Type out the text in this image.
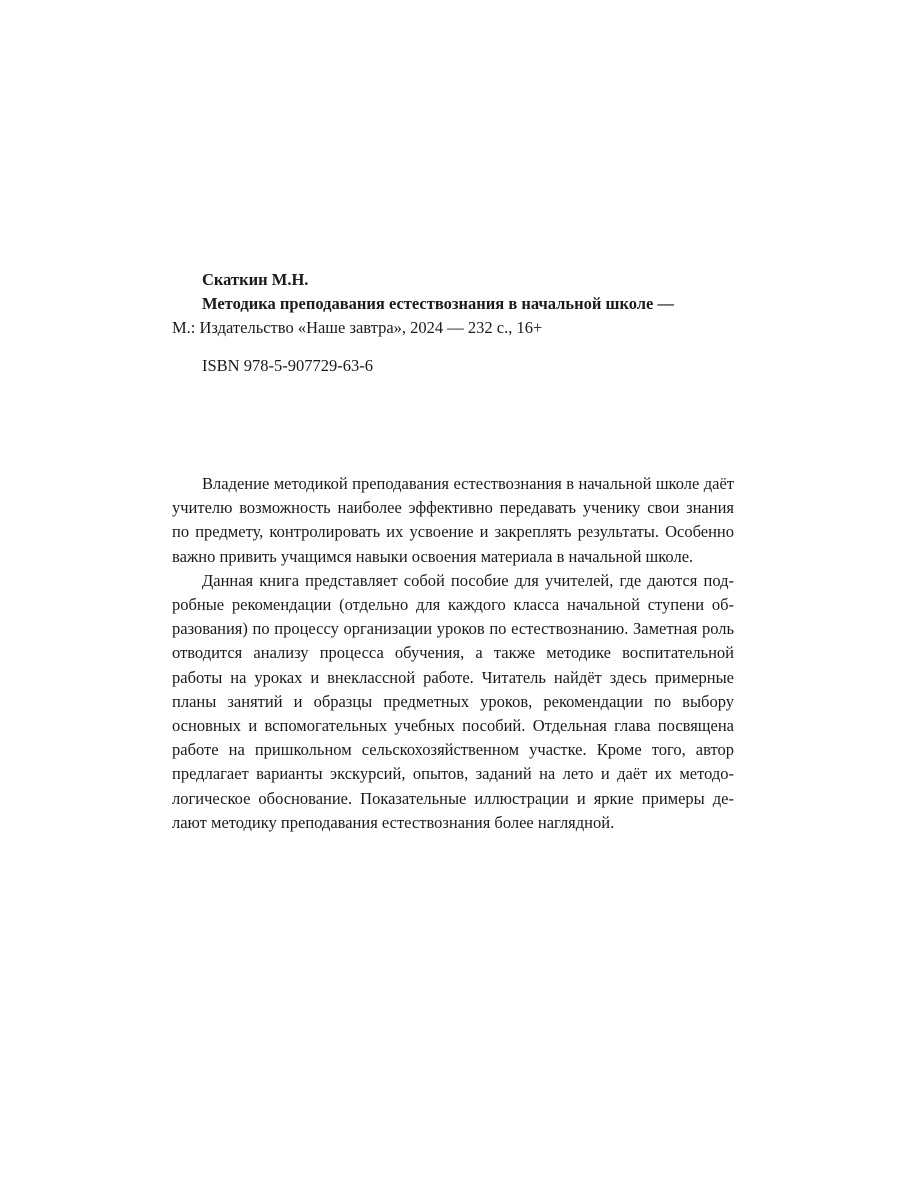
Скаткин М.Н.
Методика преподавания естествознания в начальной школе —
М.: Издательство «Наше завтра», 2024 — 232 с., 16+
ISBN 978-5-907729-63-6

Владение методикой преподавания естествознания в начальной школе даёт учителю возможность наиболее эффективно передавать ученику свои знания по предмету, контролировать их усвоение и закреплять результаты. Особенно важно привить учащимся навыки освоения материала в начальной школе.

Данная книга представляет собой пособие для учителей, где даются подробные рекомендации (отдельно для каждого класса начальной ступени образования) по процессу организации уроков по естествознанию. Заметная роль отводится анализу процесса обучения, а также методике воспитательной работы на уроках и внеклассной работе. Читатель найдёт здесь примерные планы занятий и образцы предметных уроков, рекомендации по выбору основных и вспомогательных учебных пособий. Отдельная глава посвящена работе на пришкольном сельскохозяйственном участке. Кроме того, автор предлагает варианты экскурсий, опытов, заданий на лето и даёт их методологическое обоснование. Показательные иллюстрации и яркие примеры делают методику преподавания естествознания более наглядной.
